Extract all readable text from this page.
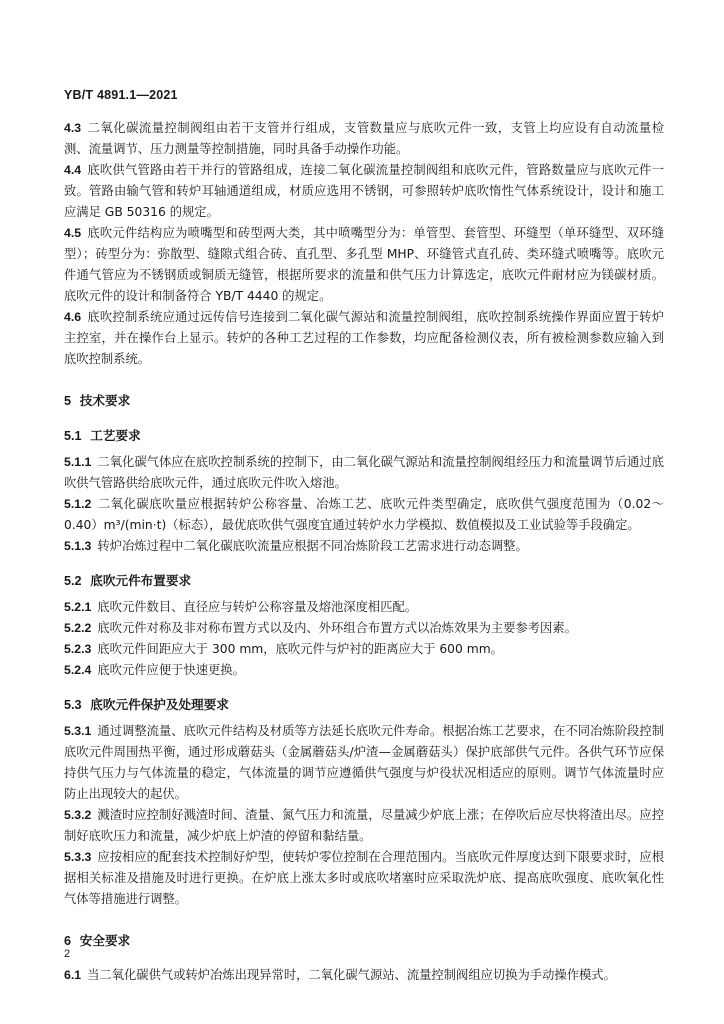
YB/T 4891.1—2021

4.3 二氧化碳流量控制阀组由若干支管并行组成，支管数量应与底吹元件一致，支管上均应设有自动流量检测、流量调节、压力测量等控制措施，同时具备手动操作功能。

4.4 底吹供气管路由若干并行的管路组成，连接二氧化碳流量控制阀组和底吹元件，管路数量应与底吹元件一致。管路由输气管和转炉耳轴通道组成，材质应选用不锈钢，可参照转炉底吹惰性气体系统设计，设计和施工应满足 GB 50316 的规定。

4.5 底吹元件结构应为喷嘴型和砖型两大类，其中喷嘴型分为：单管型、套管型、环缝型（单环缝型、双环缝型）；砖型分为：弥散型、缝隙式组合砖、直孔型、多孔型 MHP、环缝管式直孔砖、类环缝式喷嘴等。底吹元件通气管应为不锈钢质或铜质无缝管，根据所要求的流量和供气压力计算选定，底吹元件耐材应为镁碳材质。底吹元件的设计和制备符合 YB/T 4440 的规定。

4.6 底吹控制系统应通过远传信号连接到二氧化碳气源站和流量控制阀组，底吹控制系统操作界面应置于转炉主控室，并在操作台上显示。转炉的各种工艺过程的工作参数，均应配备检测仪表，所有被检测参数应输入到底吹控制系统。

5 技术要求

5.1 工艺要求

5.1.1 二氧化碳气体应在底吹控制系统的控制下，由二氧化碳气源站和流量控制阀组经压力和流量调节后通过底吹供气管路供给底吹元件，通过底吹元件吹入熔池。

5.1.2 二氧化碳底吹量应根据转炉公称容量、冶炼工艺、底吹元件类型确定，底吹供气强度范围为（0.02～0.40）m³/(min·t)（标态），最优底吹供气强度宜通过转炉水力学模拟、数值模拟及工业试验等手段确定。

5.1.3 转炉冶炼过程中二氧化碳底吹流量应根据不同冶炼阶段工艺需求进行动态调整。

5.2 底吹元件布置要求

5.2.1 底吹元件数目、直径应与转炉公称容量及熔池深度相匹配。

5.2.2 底吹元件对称及非对称布置方式以及内、外环组合布置方式以冶炼效果为主要参考因素。

5.2.3 底吹元件间距应大于 300 mm，底吹元件与炉衬的距离应大于 600 mm。

5.2.4 底吹元件应便于快速更换。

5.3 底吹元件保护及处理要求

5.3.1 通过调整流量、底吹元件结构及材质等方法延长底吹元件寿命。根据冶炼工艺要求，在不同冶炼阶段控制底吹元件周围热平衡，通过形成蘑菇头（金属蘑菇头/炉渣—金属蘑菇头）保护底部供气元件。各供气环节应保持供气压力与气体流量的稳定，气体流量的调节应遵循供气强度与炉役状况相适应的原则。调节气体流量时应防止出现较大的起伏。

5.3.2 溅渣时应控制好溅渣时间、渣量、氮气压力和流量，尽量减少炉底上涨；在停吹后应尽快将渣出尽。应控制好底吹压力和流量，减少炉底上炉渣的停留和黏结量。

5.3.3 应按相应的配套技术控制好炉型，使转炉零位控制在合理范围内。当底吹元件厚度达到下限要求时，应根据相关标准及措施及时进行更换。在炉底上涨太多时或底吹堵塞时应采取洗炉底、提高底吹强度、底吹氧化性气体等措施进行调整。

6 安全要求

6.1 当二氧化碳供气或转炉冶炼出现异常时，二氧化碳气源站、流量控制阀组应切换为手动操作模式。

2
